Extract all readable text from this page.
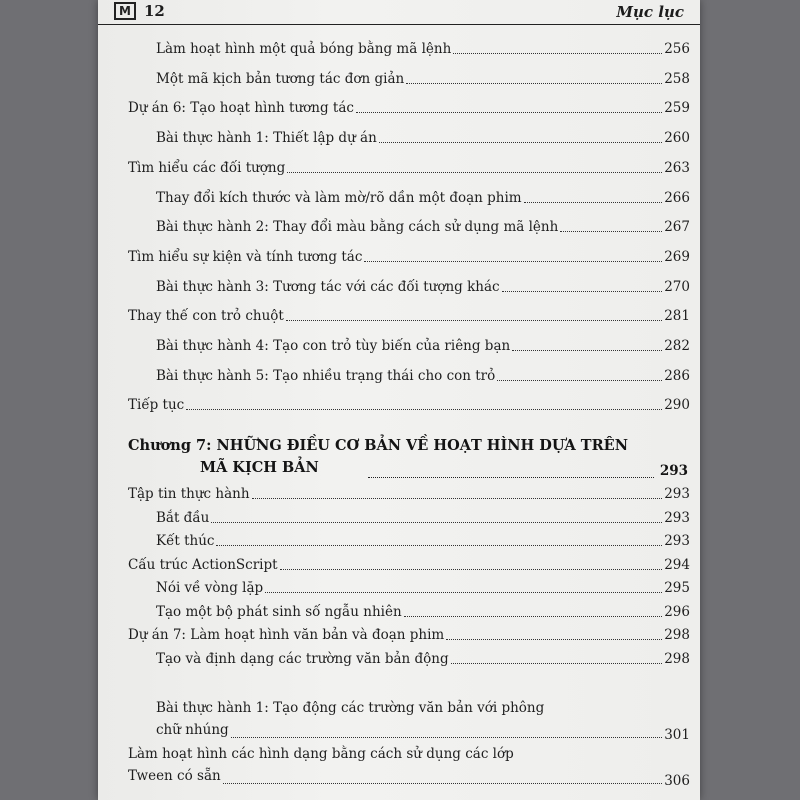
M 12	Mục lục
Làm hoạt hình một quả bóng bằng mã lệnh	256
Một mã kịch bản tương tác đơn giản	258
Dự án 6: Tạo hoạt hình tương tác	259
Bài thực hành 1: Thiết lập dự án	260
Tìm hiểu các đối tượng	263
Thay đổi kích thước và làm mờ/rõ dần một đoạn phim	266
Bài thực hành 2: Thay đổi màu bằng cách sử dụng mã lệnh	267
Tìm hiểu sự kiện và tính tương tác	269
Bài thực hành 3: Tương tác với các đối tượng khác	270
Thay thế con trỏ chuột	281
Bài thực hành 4: Tạo con trỏ tùy biến của riêng bạn	282
Bài thực hành 5: Tạo nhiều trạng thái cho con trỏ	286
Tiếp tục	290
Chương 7: NHỮNG ĐIỀU CƠ BẢN VỀ HOẠT HÌNH DỰA TRÊN
MÃ KỊCH BẢN	293
Tập tin thực hành	293
Bắt đầu	293
Kết thúc	293
Cấu trúc ActionScript	294
Nói về vòng lặp	295
Tạo một bộ phát sinh số ngẫu nhiên	296
Dự án 7: Làm hoạt hình văn bản và đoạn phim	298
Tạo và định dạng các trường văn bản động	298
Bài thực hành 1: Tạo động các trường văn bản với phông
chữ nhúng	301
Làm hoạt hình các hình dạng bằng cách sử dụng các lớp
Tween có sẵn	306
